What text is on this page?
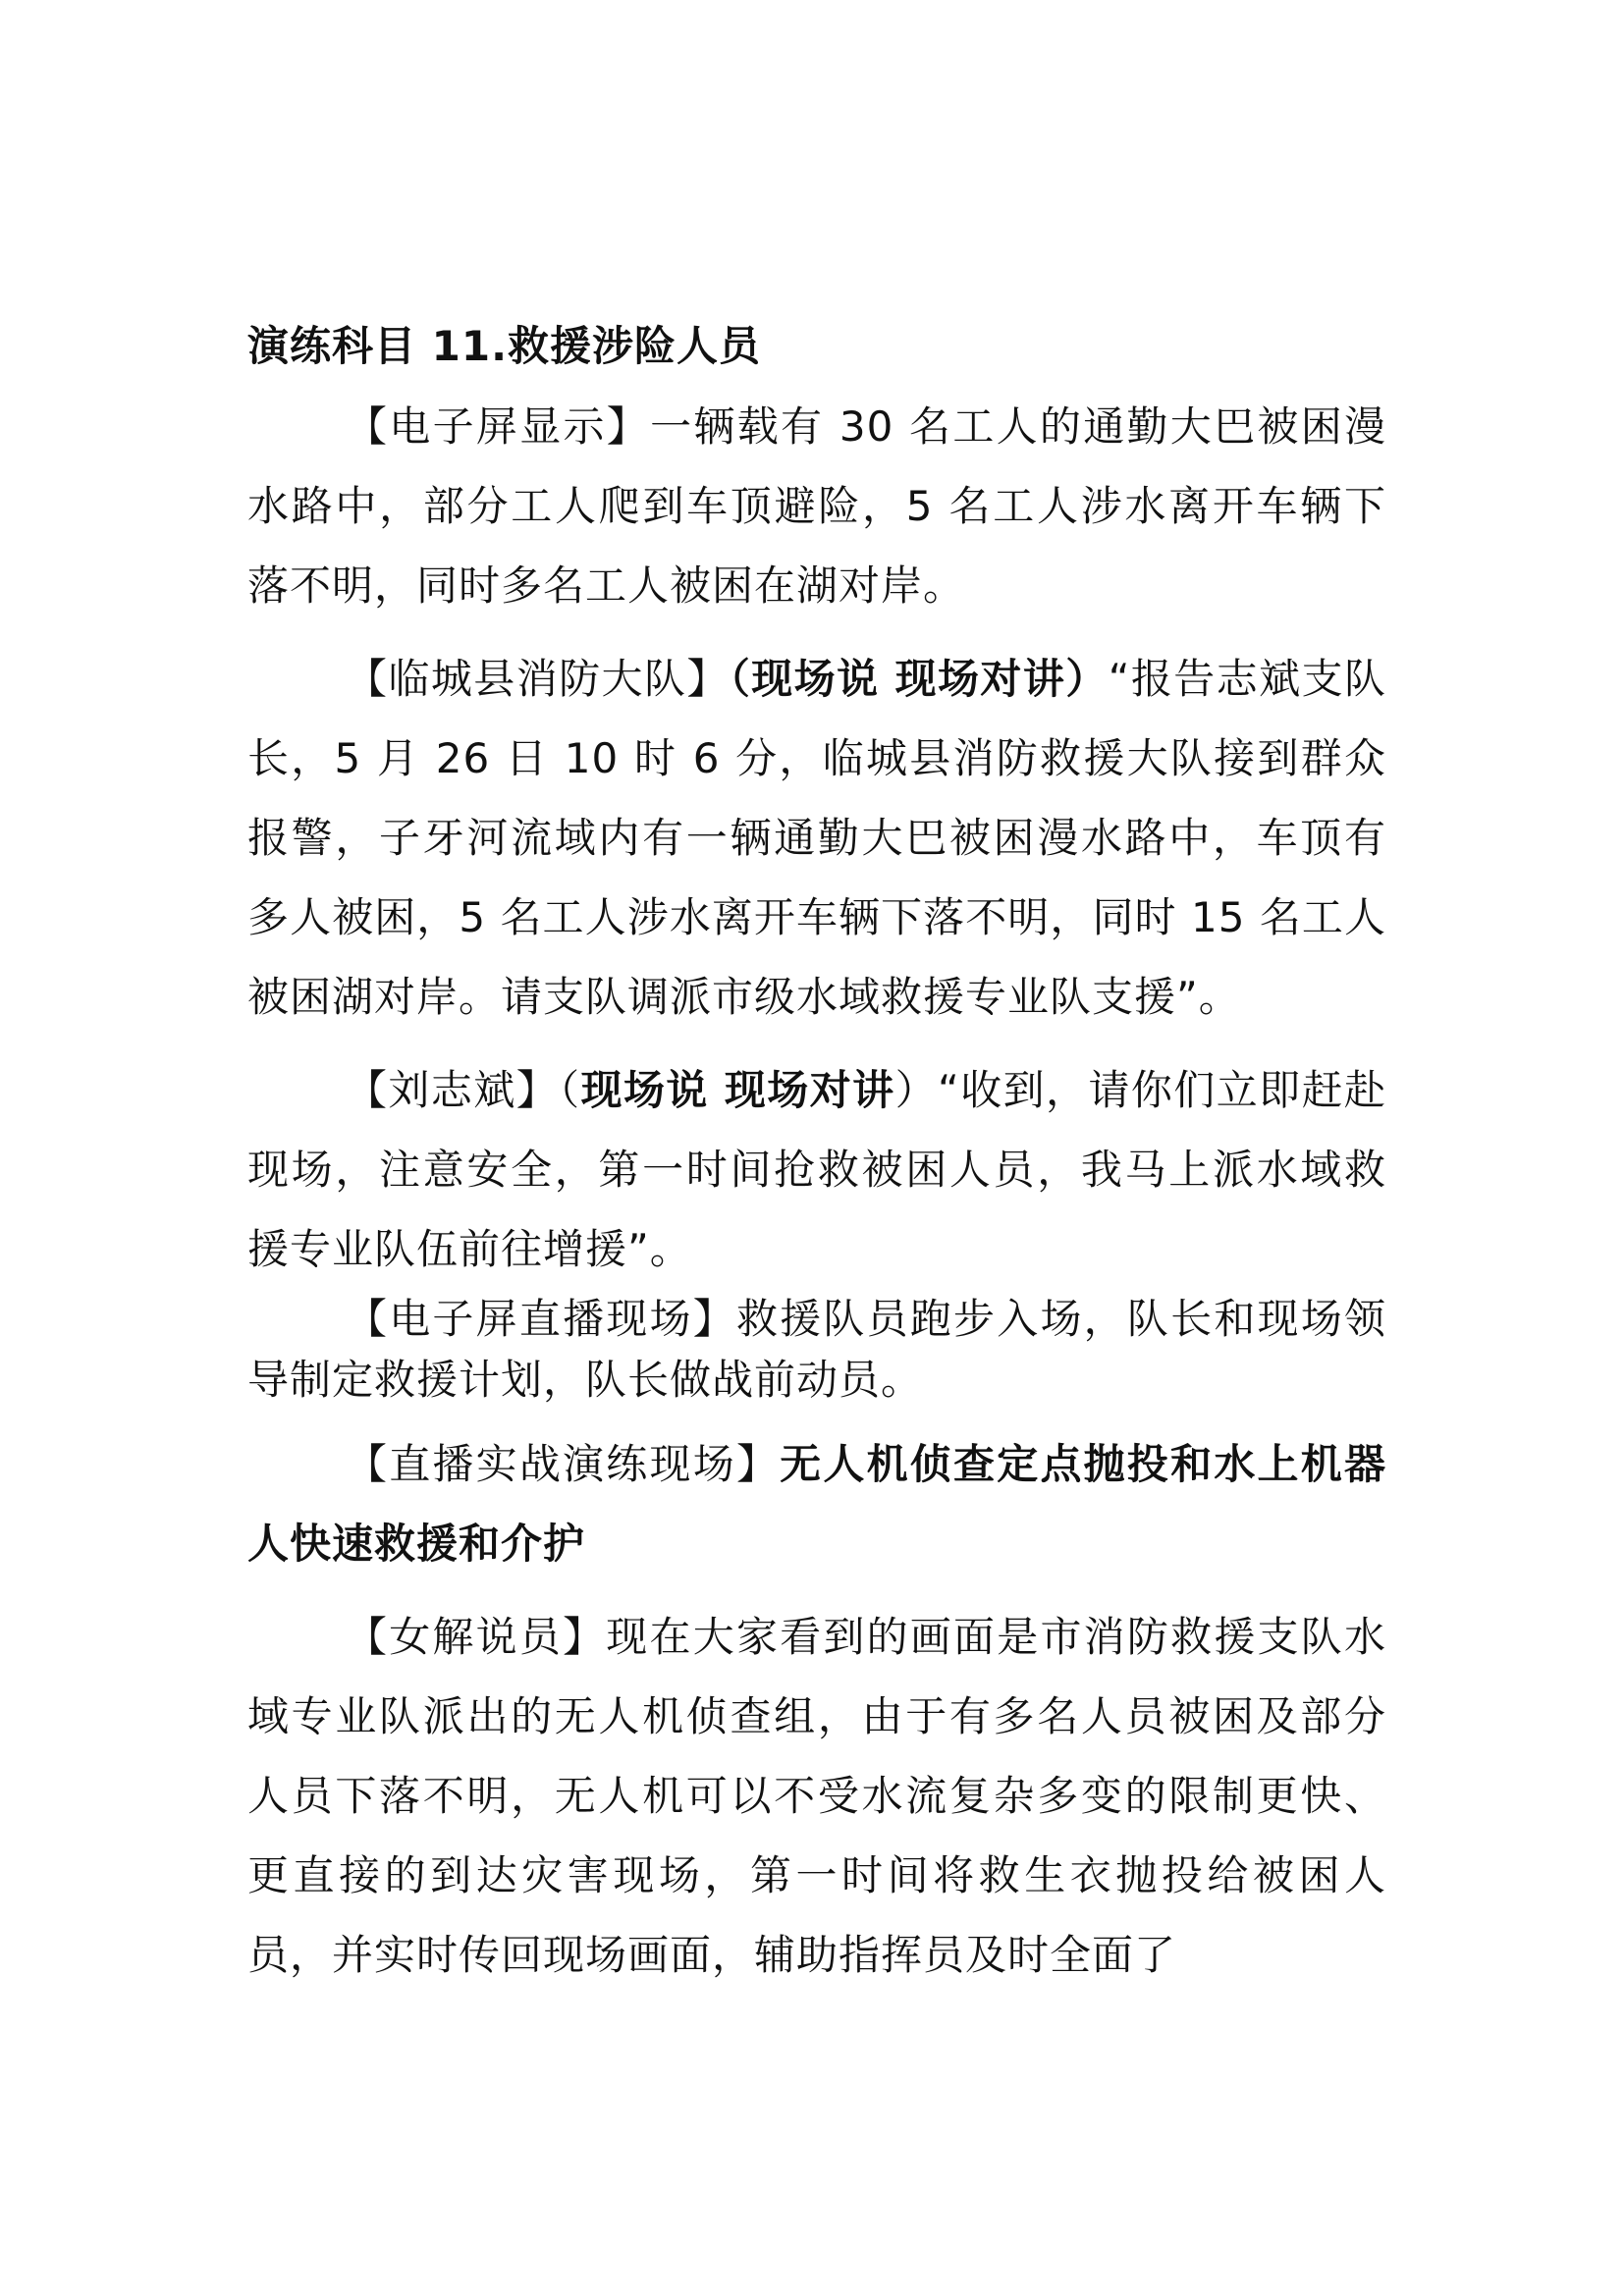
演练科目 11.救援涉险人员

【电子屏显示】一辆载有 30 名工人的通勤大巴被困漫水路中，部分工人爬到车顶避险，5 名工人涉水离开车辆下落不明，同时多名工人被困在湖对岸。

【临城县消防大队】（现场说 现场对讲）“报告志斌支队长，5 月 26 日 10 时 6 分，临城县消防救援大队接到群众报警，子牙河流域内有一辆通勤大巴被困漫水路中，车顶有多人被困，5 名工人涉水离开车辆下落不明，同时 15 名工人被困湖对岸。请支队调派市级水域救援专业队支援”。

【刘志斌】（现场说 现场对讲）“收到，请你们立即赶赴现场，注意安全，第一时间抢救被困人员，我马上派水域救援专业队伍前往增援”。

【电子屏直播现场】救援队员跑步入场，队长和现场领导制定救援计划，队长做战前动员。

【直播实战演练现场】无人机侦查定点抛投和水上机器人快速救援和介护

【女解说员】现在大家看到的画面是市消防救援支队水域专业队派出的无人机侦查组，由于有多名人员被困及部分人员下落不明，无人机可以不受水流复杂多变的限制更快、更直接的到达灾害现场，第一时间将救生衣抛投给被困人员，并实时传回现场画面，辅助指挥员及时全面了
